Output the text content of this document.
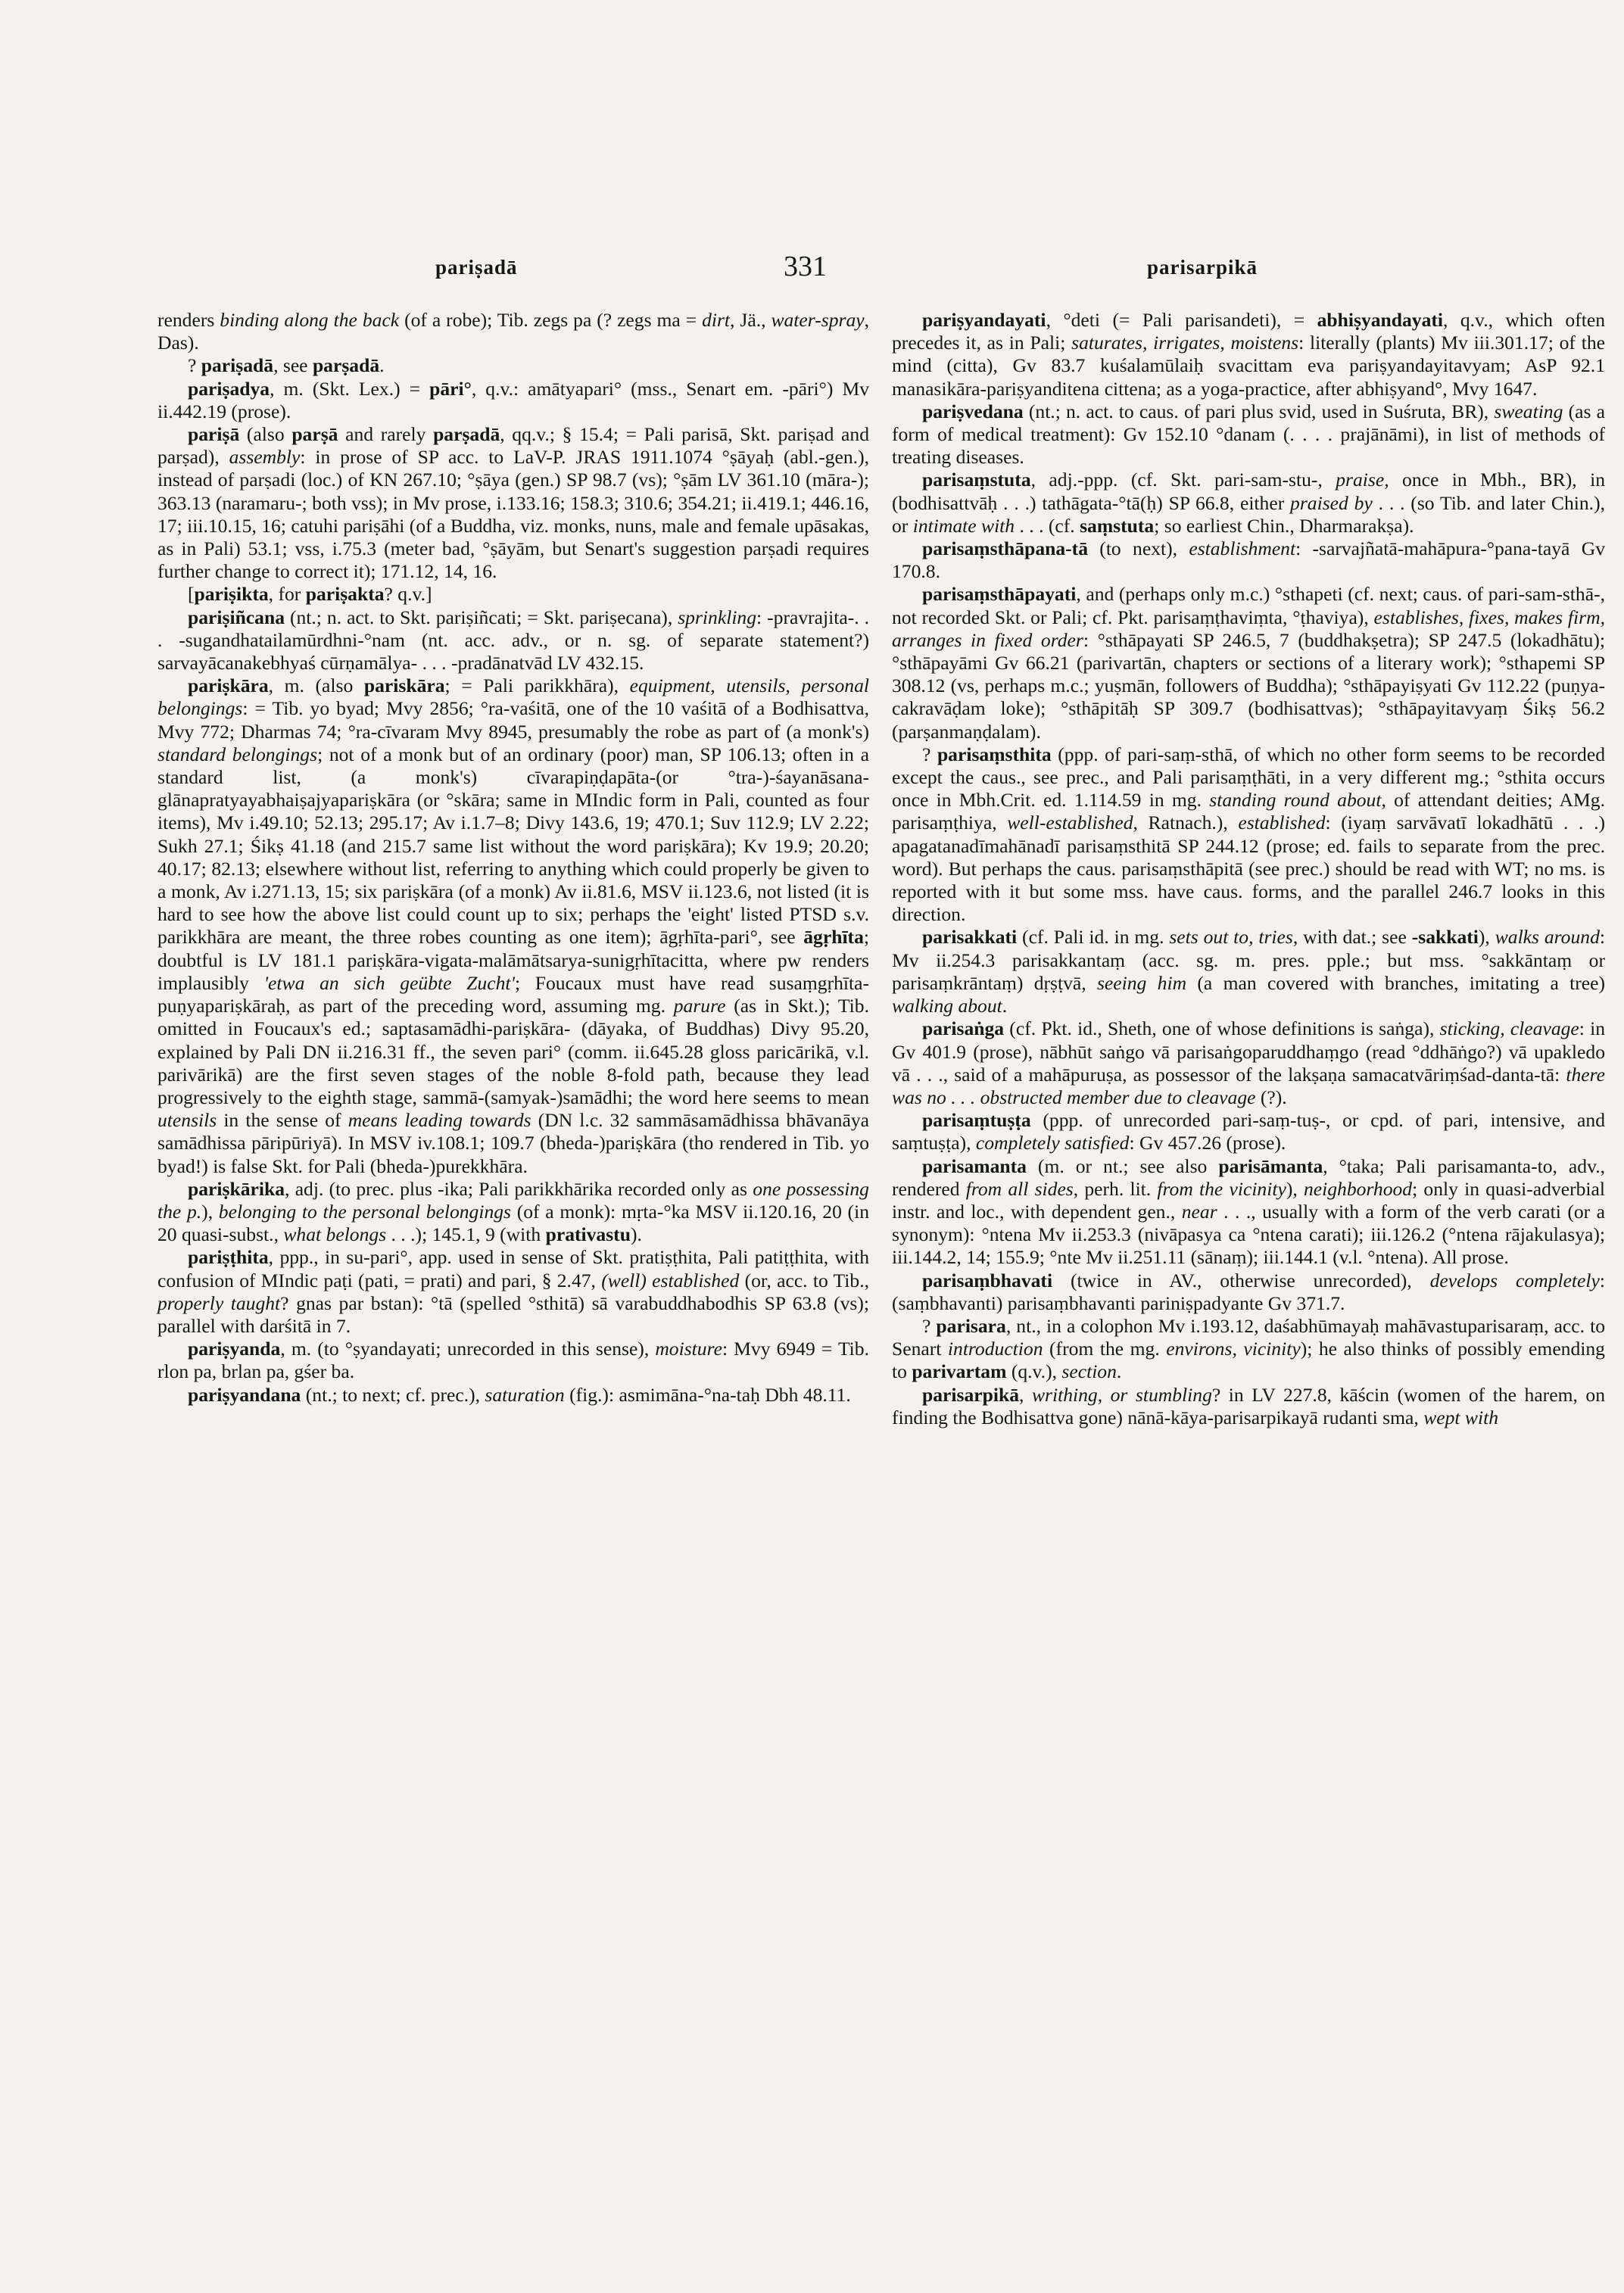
pariṣadā	331	parisarpikā

renders binding along the back (of a robe); Tib. zegs pa (? zegs ma = dirt, Jä., water-spray, Das).

? pariṣadā, see parṣadā.

pariṣadya, m. (Skt. Lex.) = pāri°, q.v.: amātyapari° (mss., Senart em. -pāri°) Mv ii.442.19 (prose).

pariṣā (also parṣā and rarely parṣadā, qq.v.; § 15.4; = Pali parisā, Skt. pariṣad and parṣad), assembly: in prose of SP acc. to LaV-P. JRAS 1911.1074 °ṣāyaḥ (abl.-gen.), instead of parṣadi (loc.) of KN 267.10; °ṣāya (gen.) SP 98.7 (vs); °ṣām LV 361.10 (māra-); 363.13 (naramaru-; both vss); in Mv prose, i.133.16; 158.3; 310.6; 354.21; ii.419.1; 446.16, 17; iii.10.15, 16; catuhi pariṣāhi (of a Buddha, viz. monks, nuns, male and female upāsakas, as in Pali) 53.1; vss, i.75.3 (meter bad, °ṣāyām, but Senart's suggestion parṣadi requires further change to correct it); 171.12, 14, 16.

[pariṣikta, for pariṣakta? q.v.]

pariṣiñcana (nt.; n. act. to Skt. pariṣiñcati; = Skt. pariṣecana), sprinkling: -pravrajita-. . . -sugandhatailamūrdhni-°nam (nt. acc. adv., or n. sg. of separate statement?) sarvayācanakebhyaś cūrṇamālya- . . . -pradānatvād LV 432.15.

pariṣkāra, m. (also pariskāra; = Pali parikkhāra), equipment, utensils, personal belongings: = Tib. yo byad; Mvy 2856; °ra-vaśitā, one of the 10 vaśitā of a Bodhisattva, Mvy 772; Dharmas 74; °ra-cīvaram Mvy 8945, presumably the robe as part of (a monk's) standard belongings; not of a monk but of an ordinary (poor) man, SP 106.13; often in a standard list, (a monk's) cīvarapiṇḍapāta-(or °tra-)-śayanāsana-glānapratyayabhaiṣajyapariṣkāra (or °skāra; same in MIndic form in Pali, counted as four items), Mv i.49.10; 52.13; 295.17; Av i.1.7–8; Divy 143.6, 19; 470.1; Suv 112.9; LV 2.22; Sukh 27.1; Śikṣ 41.18 (and 215.7 same list without the word pariṣkāra); Kv 19.9; 20.20; 40.17; 82.13; elsewhere without list, referring to anything which could properly be given to a monk, Av i.271.13, 15; six pariṣkāra (of a monk) Av ii.81.6, MSV ii.123.6, not listed (it is hard to see how the above list could count up to six; perhaps the 'eight' listed PTSD s.v. parikkhāra are meant, the three robes counting as one item); āgṛhīta-pari°, see āgṛhīta; doubtful is LV 181.1 pariṣkāra-vigata-malāmātsarya-sunigṛhītacitta, where pw renders implausibly 'etwa an sich geübte Zucht'; Foucaux must have read susaṃgṛhīta-puṇyapariṣkāraḥ, as part of the preceding word, assuming mg. parure (as in Skt.); Tib. omitted in Foucaux's ed.; saptasamādhi-pariṣkāra- (dāyaka, of Buddhas) Divy 95.20, explained by Pali DN ii.216.31 ff., the seven pari° (comm. ii.645.28 gloss paricārikā, v.l. parivārikā) are the first seven stages of the noble 8-fold path, because they lead progressively to the eighth stage, sammā-(samyak-)samādhi; the word here seems to mean utensils in the sense of means leading towards (DN l.c. 32 sammāsamādhissa bhāvanāya samādhissa pāripūriyā). In MSV iv.108.1; 109.7 (bheda-)pariṣkāra (tho rendered in Tib. yo byad!) is false Skt. for Pali (bheda-)purekkhāra.

pariṣkārika, adj. (to prec. plus -ika; Pali parikkhārika recorded only as one possessing the p.), belonging to the personal belongings (of a monk): mṛta-°ka MSV ii.120.16, 20 (in 20 quasi-subst., what belongs . . .); 145.1, 9 (with prativastu).

pariṣṭhita, ppp., in su-pari°, app. used in sense of Skt. pratiṣṭhita, Pali patiṭṭhita, with confusion of MIndic paṭi (pati, = prati) and pari, § 2.47, (well) established (or, acc. to Tib., properly taught? gnas par bstan): °tā (spelled °sthitā) sā varabuddhabodhis SP 63.8 (vs); parallel with darśitā in 7.

pariṣyanda, m. (to °ṣyandayati; unrecorded in this sense), moisture: Mvy 6949 = Tib. rlon pa, brlan pa, gśer ba.

pariṣyandana (nt.; to next; cf. prec.), saturation (fig.): asmimāna-°na-taḥ Dbh 48.11.

pariṣyandayati, °deti (= Pali parisandeti), = abhiṣyandayati, q.v., which often precedes it, as in Pali; saturates, irrigates, moistens: literally (plants) Mv iii.301.17; of the mind (citta), Gv 83.7 kuśalamūlaiḥ svacittam eva pariṣyandayitavyam; AsP 92.1 manasikāra-pariṣyanditena cittena; as a yoga-practice, after abhiṣyand°, Mvy 1647.

pariṣvedana (nt.; n. act. to caus. of pari plus svid, used in Suśruta, BR), sweating (as a form of medical treatment): Gv 152.10 °danam (. . . . prajānāmi), in list of methods of treating diseases.

parisaṃstuta, adj.-ppp. (cf. Skt. pari-sam-stu-, praise, once in Mbh., BR), in (bodhisattvāḥ . . .) tathāgata-°tā(ḥ) SP 66.8, either praised by . . . (so Tib. and later Chin.), or intimate with . . . (cf. saṃstuta; so earliest Chin., Dharmarakṣa).

parisaṃsthāpana-tā (to next), establishment: -sarvajñatā-mahāpura-°pana-tayā Gv 170.8.

parisaṃsthāpayati, and (perhaps only m.c.) °sthapeti (cf. next; caus. of pari-sam-sthā-, not recorded Skt. or Pali; cf. Pkt. parisaṃṭhaviṃta, °ṭhaviya), establishes, fixes, makes firm, arranges in fixed order: °sthāpayati SP 246.5, 7 (buddhakṣetra); SP 247.5 (lokadhātu); °sthāpayāmi Gv 66.21 (parivartān, chapters or sections of a literary work); °sthapemi SP 308.12 (vs, perhaps m.c.; yuṣmān, followers of Buddha); °sthāpayiṣyati Gv 112.22 (puṇya-cakravāḍam loke); °sthāpitāḥ SP 309.7 (bodhisattvas); °sthāpayitavyaṃ Śikṣ 56.2 (parṣanmaṇḍalam).

? parisaṃsthita (ppp. of pari-saṃ-sthā, of which no other form seems to be recorded except the caus., see prec., and Pali parisaṃṭhāti, in a very different mg.; °sthita occurs once in Mbh.Crit. ed. 1.114.59 in mg. standing round about, of attendant deities; AMg. parisaṃṭhiya, well-established, Ratnach.), established: (iyaṃ sarvāvatī lokadhātū . . .) apagatanadīmahānadī parisaṃsthitā SP 244.12 (prose; ed. fails to separate from the prec. word). But perhaps the caus. parisaṃsthāpitā (see prec.) should be read with WT; no ms. is reported with it but some mss. have caus. forms, and the parallel 246.7 looks in this direction.

parisakkati (cf. Pali id. in mg. sets out to, tries, with dat.; see -sakkati), walks around: Mv ii.254.3 parisakkantaṃ (acc. sg. m. pres. pple.; but mss. °sakkāntaṃ or parisaṃkrāntaṃ) dṛṣṭvā, seeing him (a man covered with branches, imitating a tree) walking about.

parisaṅga (cf. Pkt. id., Sheth, one of whose definitions is saṅga), sticking, cleavage: in Gv 401.9 (prose), nābhūt saṅgo vā parisaṅgoparuddhaṃgo (read °ddhāṅgo?) vā upakledo vā . . ., said of a mahāpuruṣa, as possessor of the lakṣaṇa samacatvāriṃśad-danta-tā: there was no . . . obstructed member due to cleavage (?).

parisaṃtuṣṭa (ppp. of unrecorded pari-saṃ-tuṣ-, or cpd. of pari, intensive, and saṃtuṣṭa), completely satisfied: Gv 457.26 (prose).

parisamanta (m. or nt.; see also parisāmanta, °taka; Pali parisamanta-to, adv., rendered from all sides, perh. lit. from the vicinity), neighborhood; only in quasi-adverbial instr. and loc., with dependent gen., near . . ., usually with a form of the verb carati (or a synonym): °ntena Mv ii.253.3 (nivāpasya ca °ntena carati); iii.126.2 (°ntena rājakulasya); iii.144.2, 14; 155.9; °nte Mv ii.251.11 (sānaṃ); iii.144.1 (v.l. °ntena). All prose.

parisaṃbhavati (twice in AV., otherwise unrecorded), develops completely: (saṃbhavanti) parisaṃbhavanti pariniṣpadyante Gv 371.7.

? parisara, nt., in a colophon Mv i.193.12, daśabhūmayaḥ mahāvastuparisaraṃ, acc. to Senart introduction (from the mg. environs, vicinity); he also thinks of possibly emending to parivartam (q.v.), section.

parisarpikā, writhing, or stumbling? in LV 227.8, kāścin (women of the harem, on finding the Bodhisattva gone) nānā-kāya-parisarpikayā rudanti sma, wept with
